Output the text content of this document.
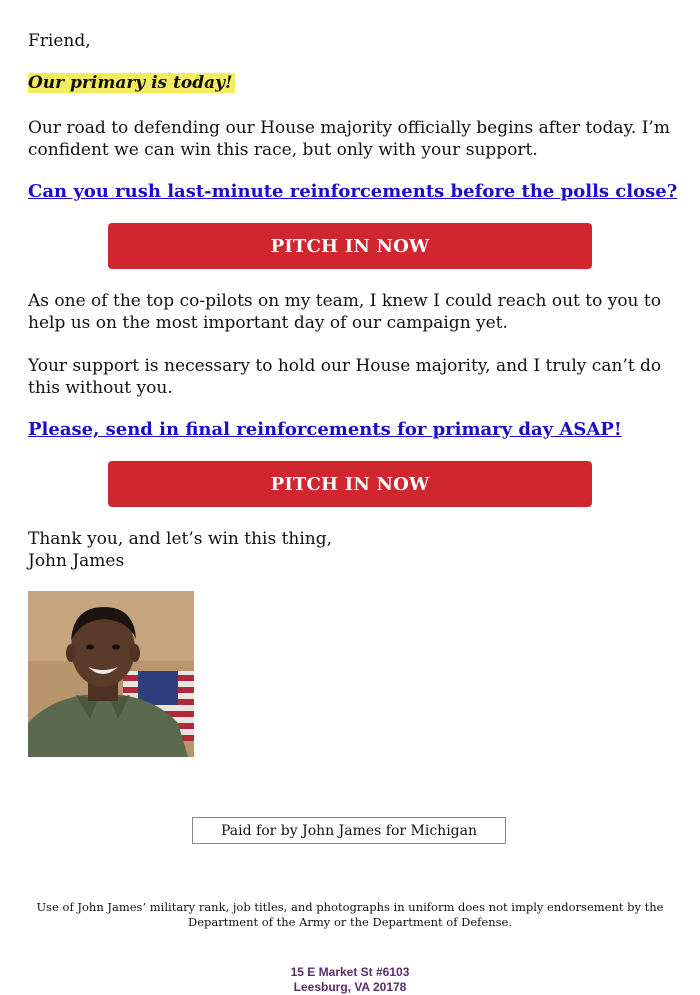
Friend,

Our primary is today!

Our road to defending our House majority officially begins after today. I’m confident we can win this race, but only with your support.

Can you rush last-minute reinforcements before the polls close?
PITCH IN NOW

As one of the top co-pilots on my team, I knew I could reach out to you to help us on the most important day of our campaign yet.

Your support is necessary to hold our House majority, and I truly can’t do this without you.

Please, send in final reinforcements for primary day ASAP!
PITCH IN NOW

Thank you, and let’s win this thing,
John James

Paid for by John James for Michigan
Use of John James’ military rank, job titles, and photographs in uniform does not imply endorsement by the Department of the Army or the Department of Defense.
15 E Market St #6103
Leesburg, VA 20178
